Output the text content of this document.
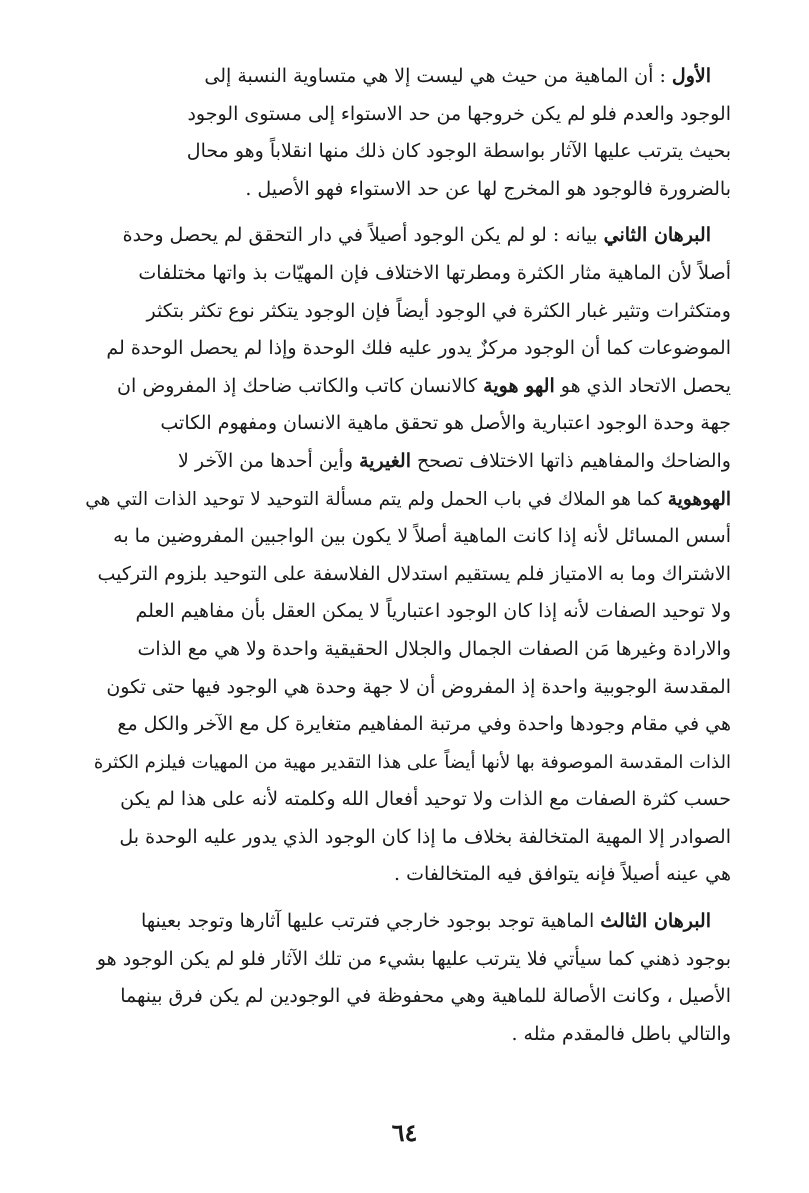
الأول : أن الماهية من حيث هي ليست إلا هي متساوية النسبة إلى
الوجود والعدم فلو لم يكن خروجها من حد الاستواء إلى مستوى الوجود
بحيث يترتب عليها الآثار بواسطة الوجود كان ذلك منها انقلاباً وهو محال
بالضرورة فالوجود هو المخرج لها عن حد الاستواء فهو الأصيل .
البرهان الثاني بيانه : لو لم يكن الوجود أصيلاً في دار التحقق لم يحصل وحدة
أصلاً لأن الماهية مثار الكثرة ومطرتها الاختلاف فإن المهيّات بذ واتها مختلفات
ومتكثرات وتثير غبار الكثرة في الوجود أيضاً فإن الوجود يتكثر نوع تكثر بتكثر
الموضوعات كما أن الوجود مركزٌ يدور عليه فلك الوحدة وإذا لم يحصل الوحدة لم
يحصل الاتحاد الذي هو الهو هوية كالانسان كاتب والكاتب ضاحك إذ المفروض ان
جهة وحدة الوجود اعتبارية والأصل هو تحقق ماهية الانسان ومفهوم الكاتب
والضاحك والمفاهيم ذاتها الاختلاف تصحح الغيرية وأين أحدها من الآخر لا
الهوهوية كما هو الملاك في باب الحمل ولم يتم مسألة التوحيد لا توحيد الذات التي هي
أسس المسائل لأنه إذا كانت الماهية أصلاً لا يكون بين الواجبين المفروضين ما به
الاشتراك وما به الامتياز فلم يستقيم استدلال الفلاسفة على التوحيد بلزوم التركيب
ولا توحيد الصفات لأنه إذا كان الوجود اعتبارياً لا يمكن العقل بأن مفاهيم العلم
والارادة وغيرها مَن الصفات الجمال والجلال الحقيقية واحدة ولا هي مع الذات
المقدسة الوجوبية واحدة إذ المفروض أن لا جهة وحدة هي الوجود فيها حتى تكون
هي في مقام وجودها واحدة وفي مرتبة المفاهيم متغايرة كل مع الآخر والكل مع
الذات المقدسة الموصوفة بها لأنها أيضاً على هذا التقدير مهية من المهيات فيلزم الكثرة
حسب كثرة الصفات مع الذات ولا توحيد أفعال الله وكلمته لأنه على هذا لم يكن
الصوادر إلا المهية المتخالفة بخلاف ما إذا كان الوجود الذي يدور عليه الوحدة بل
هي عينه أصيلاً فإنه يتوافق فيه المتخالفات .
البرهان الثالث الماهية توجد بوجود خارجي فترتب عليها آثارها وتوجد بعينها
بوجود ذهني كما سيأتي فلا يترتب عليها بشيء من تلك الآثار فلو لم يكن الوجود هو
الأصيل ، وكانت الأصالة للماهية وهي محفوظة في الوجودين لم يكن فرق بينهما
والتالي باطل فالمقدم مثله .
٦٤
